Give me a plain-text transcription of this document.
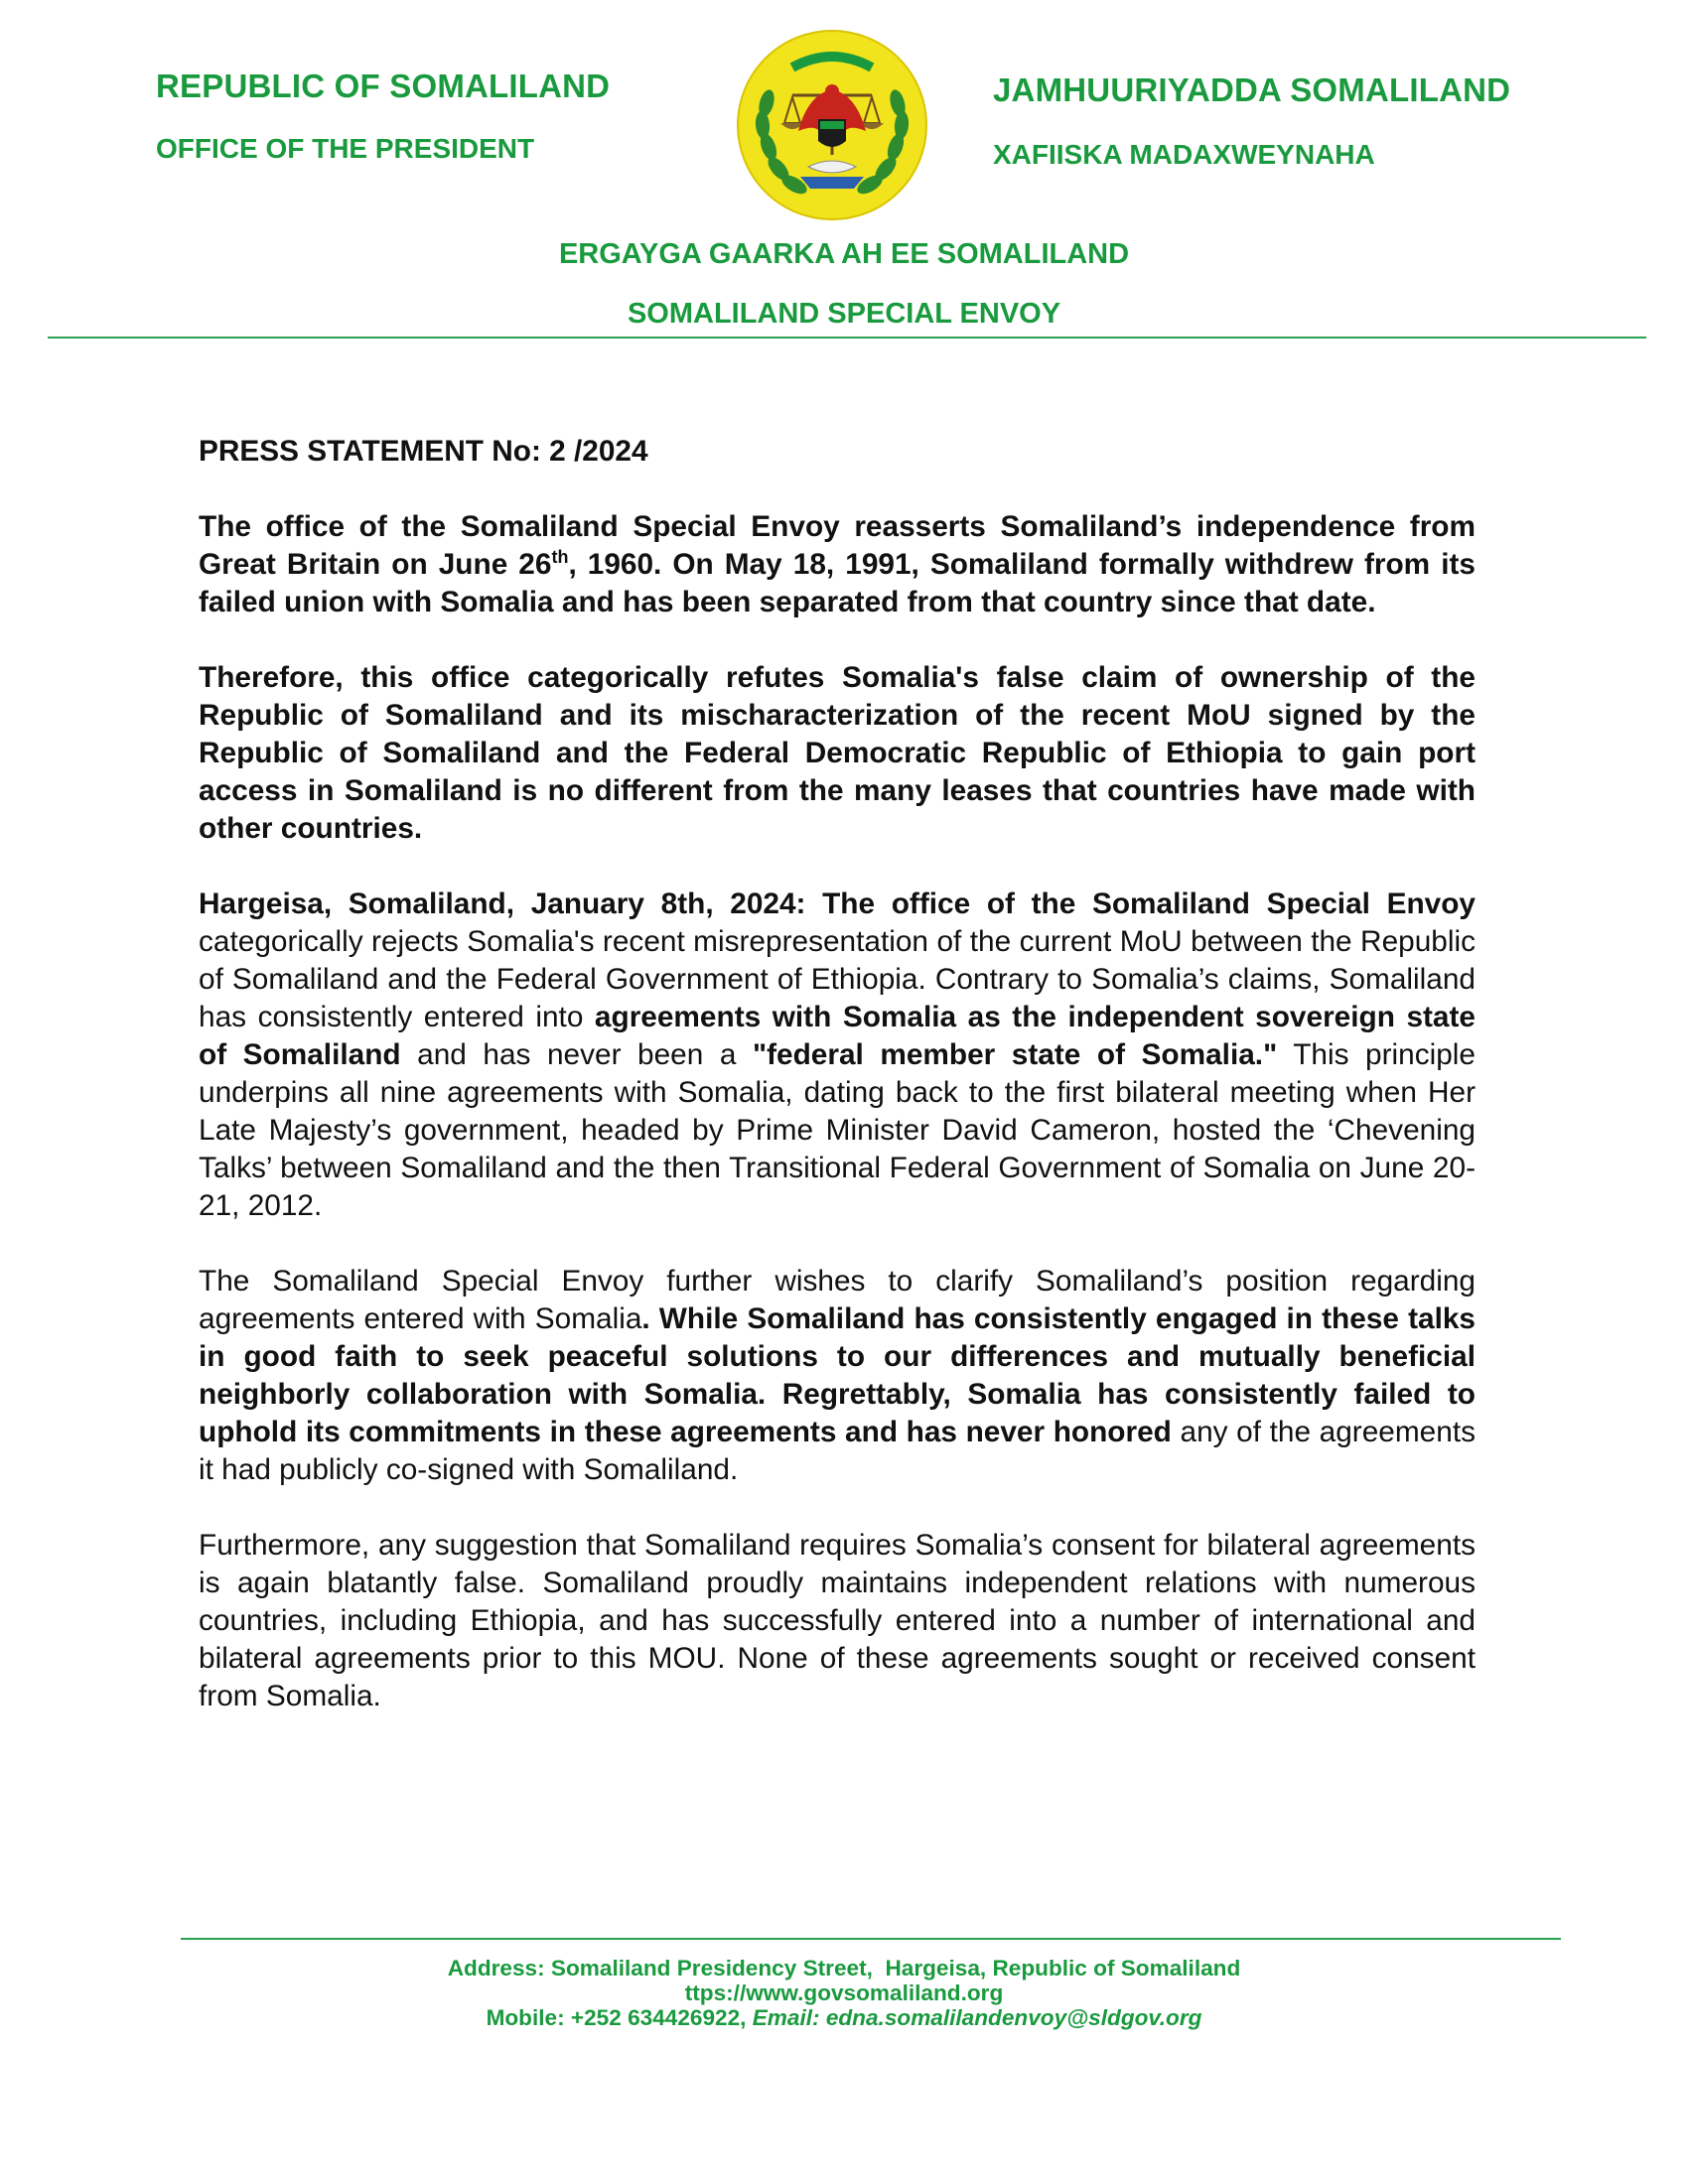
REPUBLIC OF SOMALILAND
OFFICE OF THE PRESIDENT
JAMHUURIYADDA SOMALILAND
XAFIISKA MADAXWEYNAHA
ERGAYGA GAARKA AH EE SOMALILAND
SOMALILAND SPECIAL ENVOY
PRESS STATEMENT No: 2 /2024

The office of the Somaliland Special Envoy reasserts Somaliland’s independence from Great Britain on June 26th, 1960. On May 18, 1991, Somaliland formally withdrew from its failed union with Somalia and has been separated from that country since that date.

Therefore, this office categorically refutes Somalia's false claim of ownership of the Republic of Somaliland and its mischaracterization of the recent MoU signed by the Republic of Somaliland and the Federal Democratic Republic of Ethiopia to gain port access in Somaliland is no different from the many leases that countries have made with other countries.

Hargeisa, Somaliland, January 8th, 2024: The office of the Somaliland Special Envoy categorically rejects Somalia's recent misrepresentation of the current MoU between the Republic of Somaliland and the Federal Government of Ethiopia. Contrary to Somalia’s claims, Somaliland has consistently entered into agreements with Somalia as the independent sovereign state of Somaliland and has never been a "federal member state of Somalia." This principle underpins all nine agreements with Somalia, dating back to the first bilateral meeting when Her Late Majesty’s government, headed by Prime Minister David Cameron, hosted the ‘Chevening Talks’ between Somaliland and the then Transitional Federal Government of Somalia on June 20-21, 2012.

The Somaliland Special Envoy further wishes to clarify Somaliland’s position regarding agreements entered with Somalia. While Somaliland has consistently engaged in these talks in good faith to seek peaceful solutions to our differences and mutually beneficial neighborly collaboration with Somalia. Regrettably, Somalia has consistently failed to uphold its commitments in these agreements and has never honored any of the agreements it had publicly co-signed with Somaliland.

Furthermore, any suggestion that Somaliland requires Somalia’s consent for bilateral agreements is again blatantly false. Somaliland proudly maintains independent relations with numerous countries, including Ethiopia, and has successfully entered into a number of international and bilateral agreements prior to this MOU. None of these agreements sought or received consent from Somalia.

Address: Somaliland Presidency Street,  Hargeisa, Republic of Somaliland
ttps://www.govsomaliland.org
Mobile: +252 634426922, Email: edna.somalilandenvoy@sldgov.org
